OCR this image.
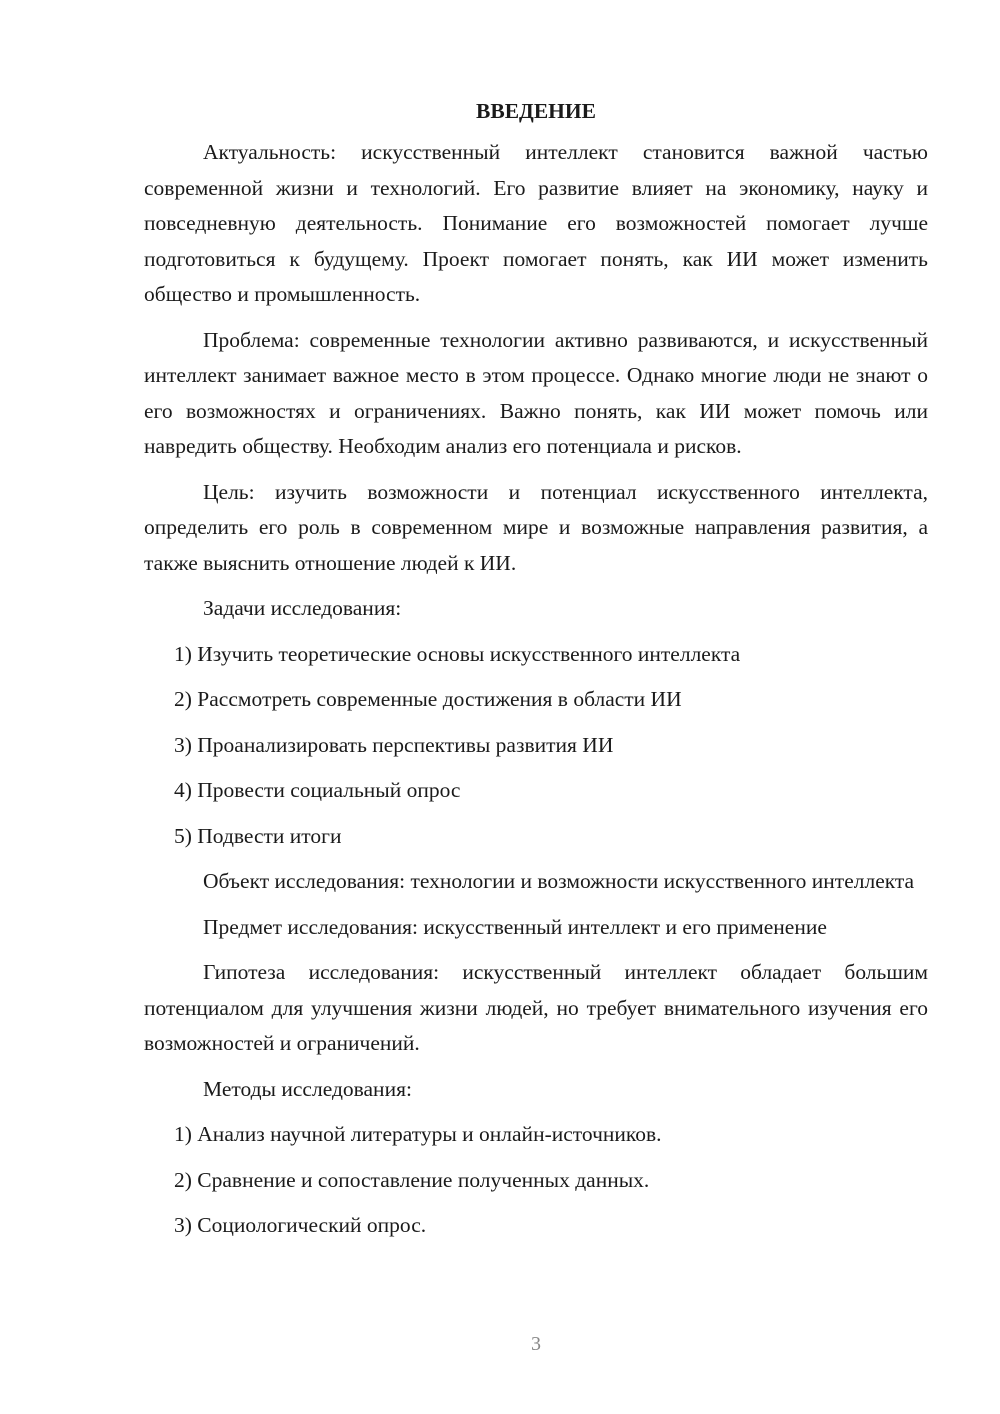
ВВЕДЕНИЕ

Актуальность: искусственный интеллект становится важной частью современной жизни и технологий. Его развитие влияет на экономику, науку и повседневную деятельность. Понимание его возможностей помогает лучше подготовиться к будущему. Проект помогает понять, как ИИ может изменить общество и промышленность.

Проблема: современные технологии активно развиваются, и искусственный интеллект занимает важное место в этом процессе. Однако многие люди не знают о его возможностях и ограничениях. Важно понять, как ИИ может помочь или навредить обществу. Необходим анализ его потенциала и рисков.

Цель: изучить возможности и потенциал искусственного интеллекта, определить его роль в современном мире и возможные направления развития, а также выяснить отношение людей к ИИ.

Задачи исследования:

1) Изучить теоретические основы искусственного интеллекта

2) Рассмотреть современные достижения в области ИИ

3) Проанализировать перспективы развития ИИ

4) Провести социальный опрос

5) Подвести итоги

Объект исследования: технологии и возможности искусственного интеллекта

Предмет исследования: искусственный интеллект и его применение

Гипотеза исследования: искусственный интеллект обладает большим потенциалом для улучшения жизни людей, но требует внимательного изучения его возможностей и ограничений.

Методы исследования:

1) Анализ научной литературы и онлайн-источников.

2) Сравнение и сопоставление полученных данных.

3) Социологический опрос.

3
